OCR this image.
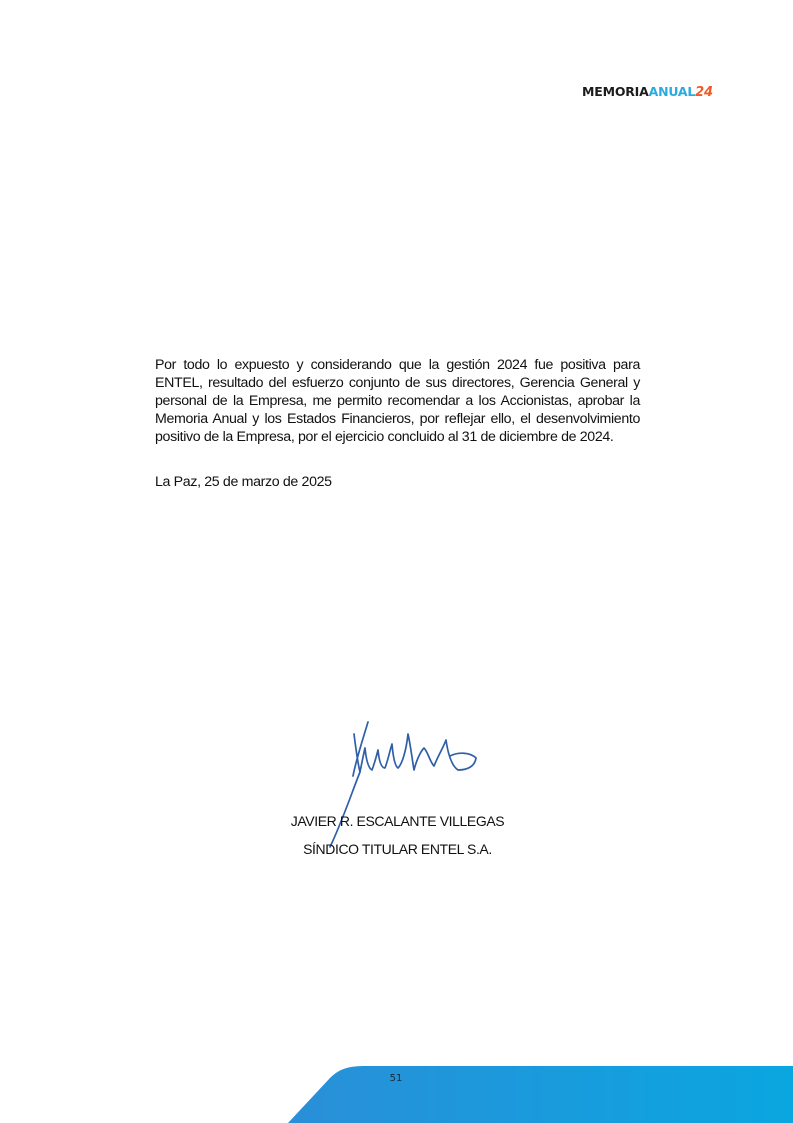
MEMORIAANUAL24
Por todo lo expuesto y considerando que la gestión 2024 fue positiva para ENTEL, resultado del esfuerzo conjunto de sus directores, Gerencia General y personal de la Empresa, me permito recomendar a los Accionistas, aprobar la Memoria Anual y los Estados Financieros, por reflejar ello, el desenvolvimiento positivo de la Empresa, por el ejercicio concluido al 31 de diciembre de 2024.
La Paz, 25 de marzo de 2025
JAVIER R. ESCALANTE VILLEGAS
SÍNDICO TITULAR ENTEL S.A.
51
